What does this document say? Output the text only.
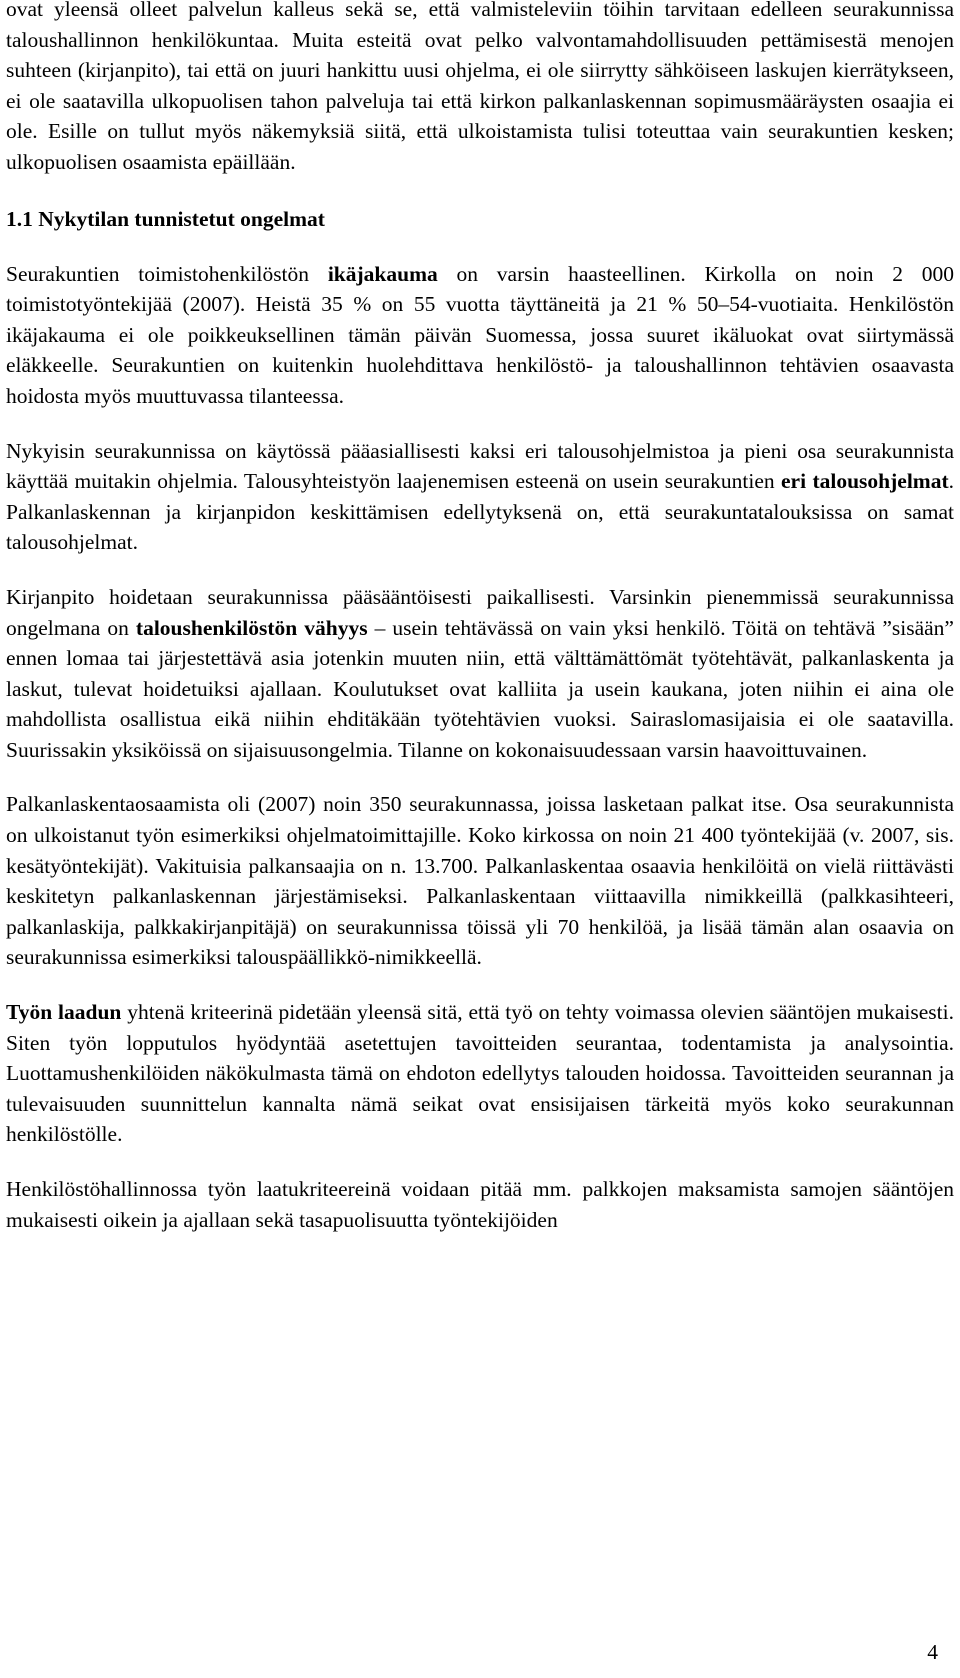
ovat yleensä olleet palvelun kalleus sekä se, että valmisteleviin töihin tarvitaan edelleen seurakunnissa taloushallinnon henkilökuntaa. Muita esteitä ovat pelko valvontamahdollisuuden pettämisestä menojen suhteen (kirjanpito), tai että on juuri hankittu uusi ohjelma, ei ole siirrytty sähköiseen laskujen kierrätykseen, ei ole saatavilla ulkopuolisen tahon palveluja tai että kirkon palkanlaskennan sopimusmääräysten osaajia ei ole. Esille on tullut myös näkemyksiä siitä, että ulkoistamista tulisi toteuttaa vain seurakuntien kesken; ulkopuolisen osaamista epäillään.

1.1 Nykytilan tunnistetut ongelmat

Seurakuntien toimistohenkilöstön ikäjakauma on varsin haasteellinen. Kirkolla on noin 2 000 toimistotyöntekijää (2007). Heistä 35 % on 55 vuotta täyttäneitä ja 21 % 50–54-vuotiaita. Henkilöstön ikäjakauma ei ole poikkeuksellinen tämän päivän Suomessa, jossa suuret ikäluokat ovat siirtymässä eläkkeelle. Seurakuntien on kuitenkin huolehdittava henkilöstö- ja taloushallinnon tehtävien osaavasta hoidosta myös muuttuvassa tilanteessa.

Nykyisin seurakunnissa on käytössä pääasiallisesti kaksi eri talousohjelmistoa ja pieni osa seurakunnista käyttää muitakin ohjelmia. Talousyhteistyön laajenemisen esteenä on usein seurakuntien eri talousohjelmat. Palkanlaskennan ja kirjanpidon keskittämisen edellytyksenä on, että seurakuntatalouksissa on samat talousohjelmat.

Kirjanpito hoidetaan seurakunnissa pääsääntöisesti paikallisesti. Varsinkin pienemmissä seurakunnissa ongelmana on taloushenkilöstön vähyys – usein tehtävässä on vain yksi henkilö. Töitä on tehtävä ”sisään” ennen lomaa tai järjestettävä asia jotenkin muuten niin, että välttämättömät työtehtävät, palkanlaskenta ja laskut, tulevat hoidetuiksi ajallaan. Koulutukset ovat kalliita ja usein kaukana, joten niihin ei aina ole mahdollista osallistua eikä niihin ehditäkään työtehtävien vuoksi. Sairaslomasijaisia ei ole saatavilla. Suurissakin yksiköissä on sijaisuusongelmia. Tilanne on kokonaisuudessaan varsin haavoittuvainen.

Palkanlaskentaosaamista oli (2007) noin 350 seurakunnassa, joissa lasketaan palkat itse. Osa seurakunnista on ulkoistanut työn esimerkiksi ohjelmatoimittajille. Koko kirkossa on noin 21 400 työntekijää (v. 2007, sis. kesätyöntekijät). Vakituisia palkansaajia on n. 13.700. Palkanlaskentaa osaavia henkilöitä on vielä riittävästi keskitetyn palkanlaskennan järjestämiseksi. Palkanlaskentaan viittaavilla nimikkeillä (palkkasihteeri, palkanlaskija, palkkakirjanpitäjä) on seurakunnissa töissä yli 70 henkilöä, ja lisää tämän alan osaavia on seurakunnissa esimerkiksi talouspäällikkö-nimikkeellä.

Työn laadun yhtenä kriteerinä pidetään yleensä sitä, että työ on tehty voimassa olevien sääntöjen mukaisesti. Siten työn lopputulos hyödyntää asetettujen tavoitteiden seurantaa, todentamista ja analysointia. Luottamushenkilöiden näkökulmasta tämä on ehdoton edellytys talouden hoidossa. Tavoitteiden seurannan ja tulevaisuuden suunnittelun kannalta nämä seikat ovat ensisijaisen tärkeitä myös koko seurakunnan henkilöstölle.

Henkilöstöhallinnossa työn laatukriteereinä voidaan pitää mm. palkkojen maksamista samojen sääntöjen mukaisesti oikein ja ajallaan sekä tasapuolisuutta työntekijöiden

4
